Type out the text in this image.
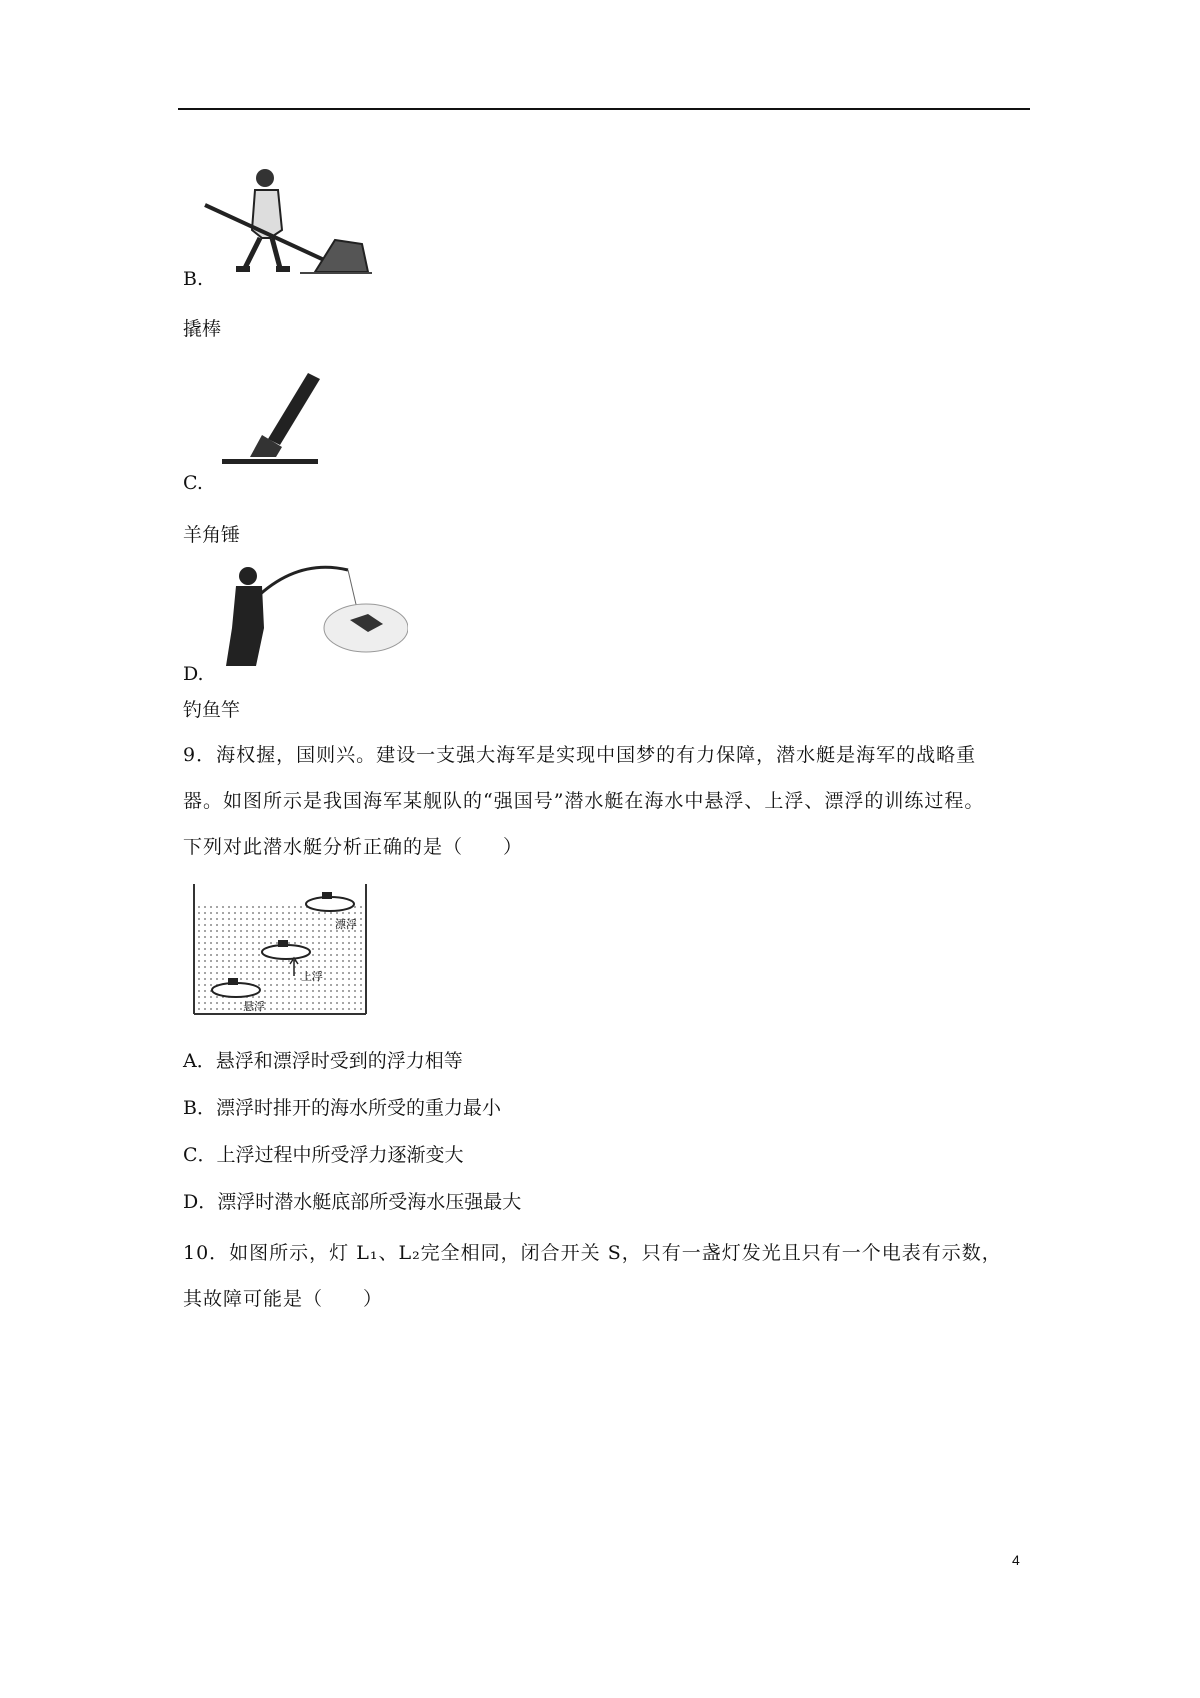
B.
撬棒
C.
羊角锤
D.
钓鱼竿
9．海权握，国则兴。建设一支强大海军是实现中国梦的有力保障，潜水艇是海军的战略重
器。如图所示是我国海军某舰队的“强国号”潜水艇在海水中悬浮、上浮、漂浮的训练过程。
下列对此潜水艇分析正确的是（　　）
漂浮
上浮
悬浮
A．悬浮和漂浮时受到的浮力相等
B．漂浮时排开的海水所受的重力最小
C．上浮过程中所受浮力逐渐变大
D．漂浮时潜水艇底部所受海水压强最大
10．如图所示，灯 L₁、L₂完全相同，闭合开关 S，只有一盏灯发光且只有一个电表有示数，
其故障可能是（　　）
4
